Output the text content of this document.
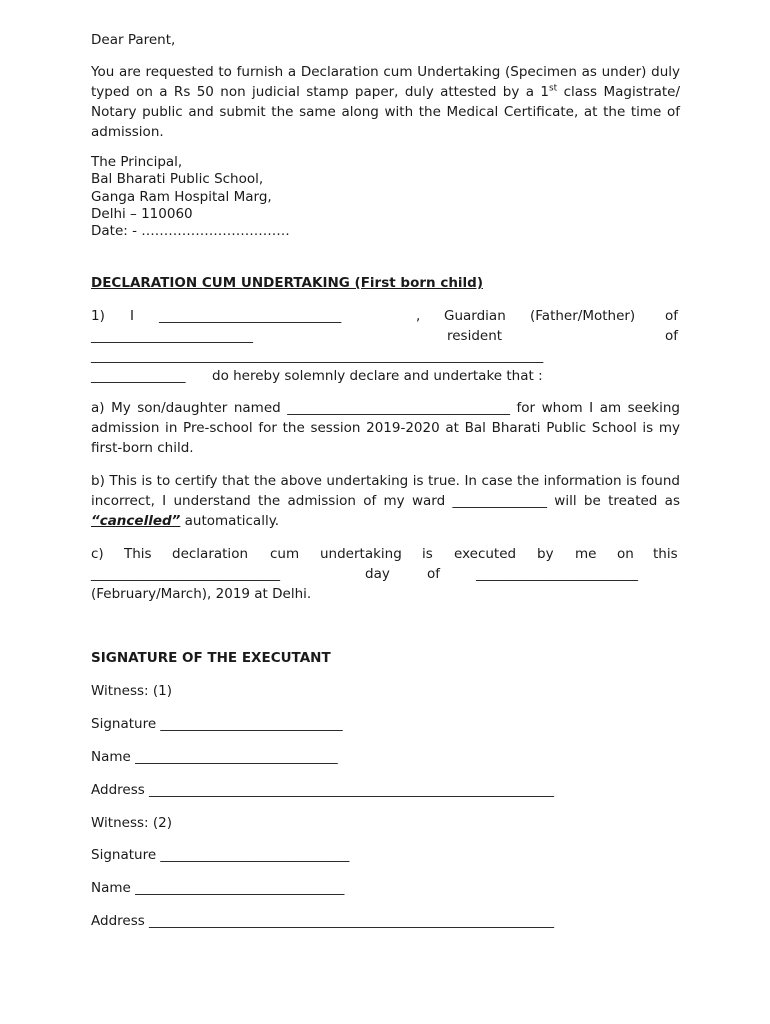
Dear Parent,

You are requested to furnish a Declaration cum Undertaking (Specimen as under) duly typed on a Rs 50 non judicial stamp paper, duly attested by a 1st class Magistrate/ Notary public and submit the same along with the Medical Certificate, at the time of admission.

The Principal,
Bal Bharati Public School,
Ganga Ram Hospital Marg,
Delhi – 110060
Date: - ……………………………

DECLARATION CUM UNDERTAKING (First born child)

1) I ___________________________	, Guardian (Father/Mother) of
________________________	resident	of
___________________________________________________________________
______________ do hereby solemnly declare and undertake that :

a) My son/daughter named _________________________________ for whom I am seeking admission in Pre-school for the session 2019-2020 at Bal Bharati Public School is my first-born child.

b) This is to certify that the above undertaking is true. In case the information is found incorrect, I understand the admission of my ward ______________ will be treated as “cancelled” automatically.

c) This declaration cum undertaking is executed by me on this
____________________________	day	of	________________________
(February/March), 2019 at Delhi.

SIGNATURE OF THE EXECUTANT

Witness: (1)

Signature ___________________________

Name ______________________________

Address ____________________________________________________________

Witness: (2)

Signature ____________________________

Name _______________________________

Address ____________________________________________________________
